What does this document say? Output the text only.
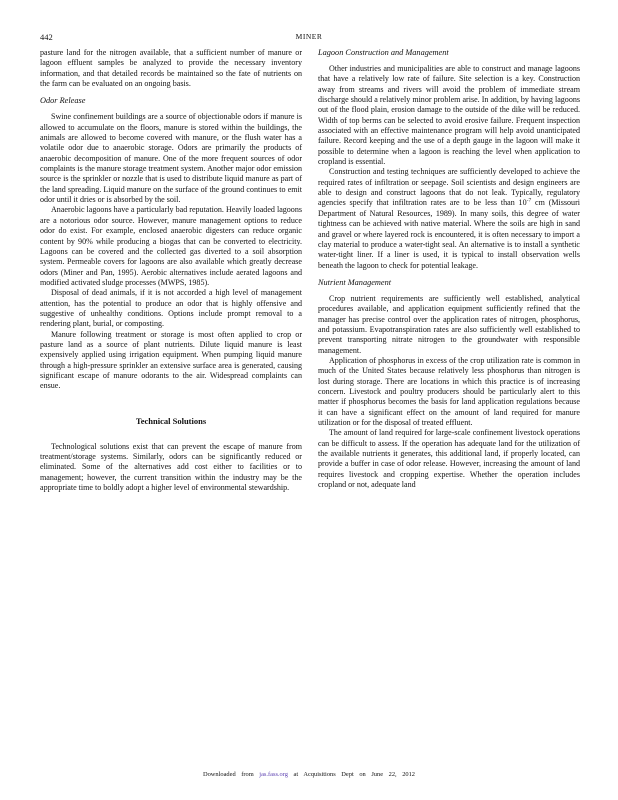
442	MINER

pasture land for the nitrogen available, that a sufficient number of manure or lagoon effluent samples be analyzed to provide the necessary inventory information, and that detailed records be maintained so the fate of nutrients on the farm can be evaluated on an ongoing basis.

Odor Release

Swine confinement buildings are a source of objectionable odors if manure is allowed to accumulate on the floors, manure is stored within the buildings, the animals are allowed to become covered with manure, or the flush water has a volatile odor due to anaerobic storage. Odors are primarily the products of anaerobic decomposition of manure. One of the more frequent sources of odor complaints is the manure storage treatment system. Another major odor emission source is the sprinkler or nozzle that is used to distribute liquid manure as part of the land spreading. Liquid manure on the surface of the ground continues to emit odor until it dries or is absorbed by the soil.

Anaerobic lagoons have a particularly bad reputation. Heavily loaded lagoons are a notorious odor source. However, manure management options to reduce odor do exist. For example, enclosed anaerobic digesters can reduce organic content by 90% while producing a biogas that can be converted to electricity. Lagoons can be covered and the collected gas diverted to a soil absorption system. Permeable covers for lagoons are also available which greatly decrease odors (Miner and Pan, 1995). Aerobic alternatives include aerated lagoons and modified activated sludge processes (MWPS, 1985).

Disposal of dead animals, if it is not accorded a high level of management attention, has the potential to produce an odor that is highly offensive and suggestive of unhealthy conditions. Options include prompt removal to a rendering plant, burial, or composting.

Manure following treatment or storage is most often applied to crop or pasture land as a source of plant nutrients. Dilute liquid manure is least expensively applied using irrigation equipment. When pumping liquid manure through a high-pressure sprinkler an extensive surface area is generated, causing significant escape of manure odorants to the air. Widespread complaints can ensue.

Technical Solutions

Technological solutions exist that can prevent the escape of manure from treatment/storage systems. Similarly, odors can be significantly reduced or eliminated. Some of the alternatives add cost either to facilities or to management; however, the current transition within the industry may be the appropriate time to boldly adopt a higher level of environmental stewardship.

Lagoon Construction and Management

Other industries and municipalities are able to construct and manage lagoons that have a relatively low rate of failure. Site selection is a key. Construction away from streams and rivers will avoid the problem of immediate stream discharge should a relatively minor problem arise. In addition, by having lagoons out of the flood plain, erosion damage to the outside of the dike will be reduced. Width of top berms can be selected to avoid erosive failure. Frequent inspection associated with an effective maintenance program will help avoid unanticipated failure. Record keeping and the use of a depth gauge in the lagoon will make it possible to determine when a lagoon is reaching the level when application to cropland is essential.

Construction and testing techniques are sufficiently developed to achieve the required rates of infiltration or seepage. Soil scientists and design engineers are able to design and construct lagoons that do not leak. Typically, regulatory agencies specify that infiltration rates are to be less than $10^{-7}$ cm (Missouri Department of Natural Resources, 1989). In many soils, this degree of water tightness can be achieved with native material. Where the soils are high in sand and gravel or where layered rock is encountered, it is often necessary to import a clay material to produce a water-tight seal. An alternative is to install a synthetic water-tight liner. If a liner is used, it is typical to install observation wells beneath the lagoon to check for potential leakage.

Nutrient Management

Crop nutrient requirements are sufficiently well established, analytical procedures available, and application equipment sufficiently refined that the manager has precise control over the application rates of nitrogen, phosphorus, and potassium. Evapotranspiration rates are also sufficiently well established to prevent transporting nitrate nitrogen to the groundwater with responsible management.

Application of phosphorus in excess of the crop utilization rate is common in much of the United States because relatively less phosphorus than nitrogen is lost during storage. There are locations in which this practice is of increasing concern. Livestock and poultry producers should be particularly alert to this matter if phosphorus becomes the basis for land application regulations because it can have a significant effect on the amount of land required for manure utilization or for the disposal of treated effluent.

The amount of land required for large-scale confinement livestock operations can be difficult to assess. If the operation has adequate land for the utilization of the available nutrients it generates, this additional land, if properly located, can provide a buffer in case of odor release. However, increasing the amount of land requires livestock and cropping expertise. Whether the operation includes cropland or not, adequate land

Downloaded from jas.fass.org at Acquisitions Dept on June 22, 2012
